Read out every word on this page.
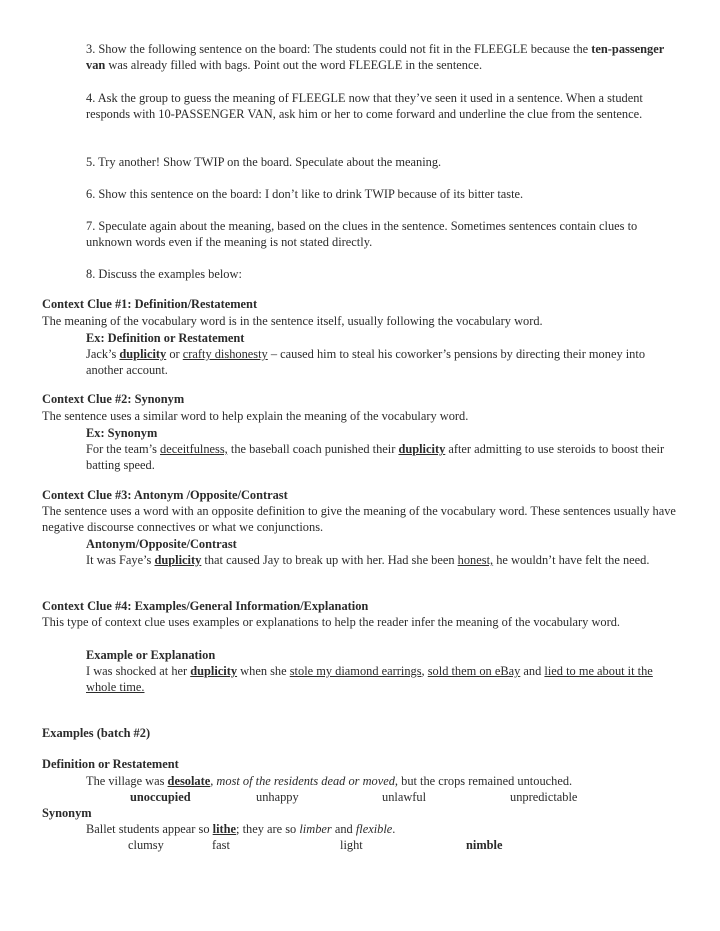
3. Show the following sentence on the board: The students could not fit in the FLEEGLE because the ten-passenger van was already filled with bags. Point out the word FLEEGLE in the sentence.
4. Ask the group to guess the meaning of FLEEGLE now that they’ve seen it used in a sentence. When a student responds with 10-PASSENGER VAN, ask him or her to come forward and underline the clue from the sentence.
5. Try another! Show TWIP on the board. Speculate about the meaning.
6. Show this sentence on the board: I don’t like to drink TWIP because of its bitter taste.
7. Speculate again about the meaning, based on the clues in the sentence. Sometimes sentences contain clues to unknown words even if the meaning is not stated directly.
8. Discuss the examples below:
Context Clue #1: Definition/Restatement
The meaning of the vocabulary word is in the sentence itself, usually following the vocabulary word.
Ex: Definition or Restatement
Jack’s duplicity or crafty dishonesty – caused him to steal his coworker’s pensions by directing their money into another account.
Context Clue #2: Synonym
The sentence uses a similar word to help explain the meaning of the vocabulary word.
Ex: Synonym
For the team’s deceitfulness, the baseball coach punished their duplicity after admitting to use steroids to boost their batting speed.
Context Clue #3: Antonym /Opposite/Contrast
The sentence uses a word with an opposite definition to give the meaning of the vocabulary word. These sentences usually have negative discourse connectives or what we conjunctions.
Antonym/Opposite/Contrast
It was Faye’s duplicity that caused Jay to break up with her. Had she been honest, he wouldn’t have felt the need.
Context Clue #4: Examples/General Information/Explanation
This type of context clue uses examples or explanations to help the reader infer the meaning of the vocabulary word.
Example or Explanation
I was shocked at her duplicity when she stole my diamond earrings, sold them on eBay and lied to me about it the whole time.
Examples (batch #2)
Definition or Restatement
The village was desolate, most of the residents dead or moved, but the crops remained untouched.
unoccupied	unhappy	unlawful	unpredictable
Synonym
Ballet students appear so lithe; they are so limber and flexible.
clumsy	fast	light	nimble
